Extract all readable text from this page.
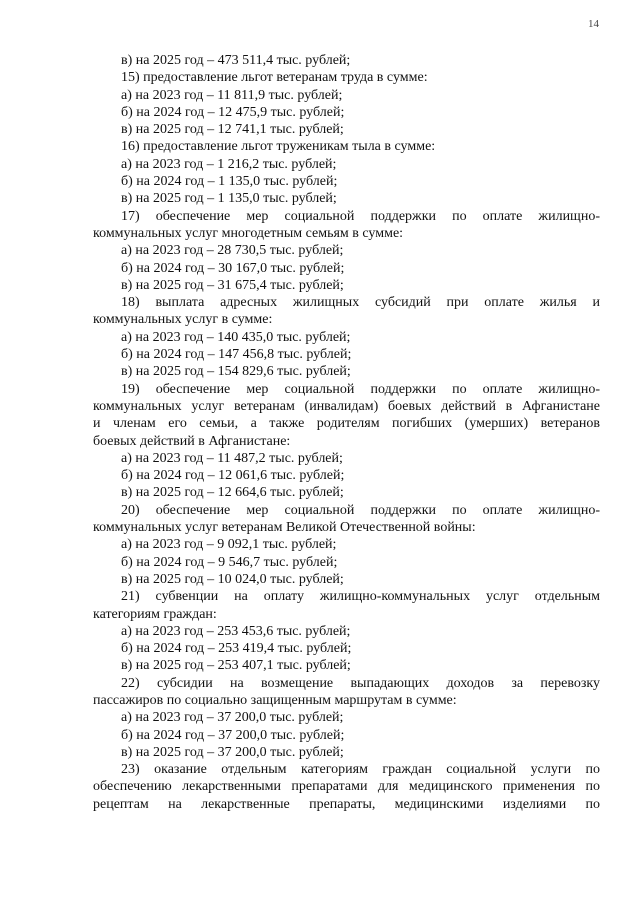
14

в) на 2025 год – 473 511,4 тыс. рублей;

15) предоставление льгот ветеранам труда в сумме:

а) на 2023 год – 11 811,9 тыс. рублей;

б) на 2024 год – 12 475,9 тыс. рублей;

в) на 2025 год – 12 741,1 тыс. рублей;

16) предоставление льгот труженикам тыла в сумме:

а) на 2023 год – 1 216,2 тыс. рублей;

б) на 2024 год – 1 135,0 тыс. рублей;

в) на 2025 год – 1 135,0 тыс. рублей;

17) обеспечение мер социальной поддержки по оплате жилищно-

коммунальных услуг многодетным семьям в сумме:

а) на 2023 год – 28 730,5 тыс. рублей;

б) на 2024 год – 30 167,0 тыс. рублей;

в) на 2025 год – 31 675,4 тыс. рублей;

18) выплата адресных жилищных субсидий при оплате жилья и

коммунальных услуг в сумме:

а) на 2023 год – 140 435,0 тыс. рублей;

б) на 2024 год – 147 456,8 тыс. рублей;

в) на 2025 год – 154 829,6 тыс. рублей;

19) обеспечение мер социальной поддержки по оплате жилищно-

коммунальных услуг ветеранам (инвалидам) боевых действий в Афганистане

и членам его семьи, а также родителям погибших (умерших) ветеранов

боевых действий в Афганистане:

а) на 2023 год – 11 487,2 тыс. рублей;

б) на 2024 год – 12 061,6 тыс. рублей;

в) на 2025 год – 12 664,6 тыс. рублей;

20) обеспечение мер социальной поддержки по оплате жилищно-

коммунальных услуг ветеранам Великой Отечественной войны:

а) на 2023 год – 9 092,1 тыс. рублей;

б) на 2024 год – 9 546,7 тыс. рублей;

в) на 2025 год – 10 024,0 тыс. рублей;

21) субвенции на оплату жилищно-коммунальных услуг отдельным

категориям граждан:

а) на 2023 год – 253 453,6 тыс. рублей;

б) на 2024 год – 253 419,4 тыс. рублей;

в) на 2025 год – 253 407,1 тыс. рублей;

22) субсидии на возмещение выпадающих доходов за перевозку

пассажиров по социально защищенным маршрутам в сумме:

а) на 2023 год – 37 200,0 тыс. рублей;

б) на 2024 год – 37 200,0 тыс. рублей;

в) на 2025 год – 37 200,0 тыс. рублей;

23) оказание отдельным категориям граждан социальной услуги по

обеспечению лекарственными препаратами для медицинского применения по

рецептам на лекарственные препараты, медицинскими изделиями по
